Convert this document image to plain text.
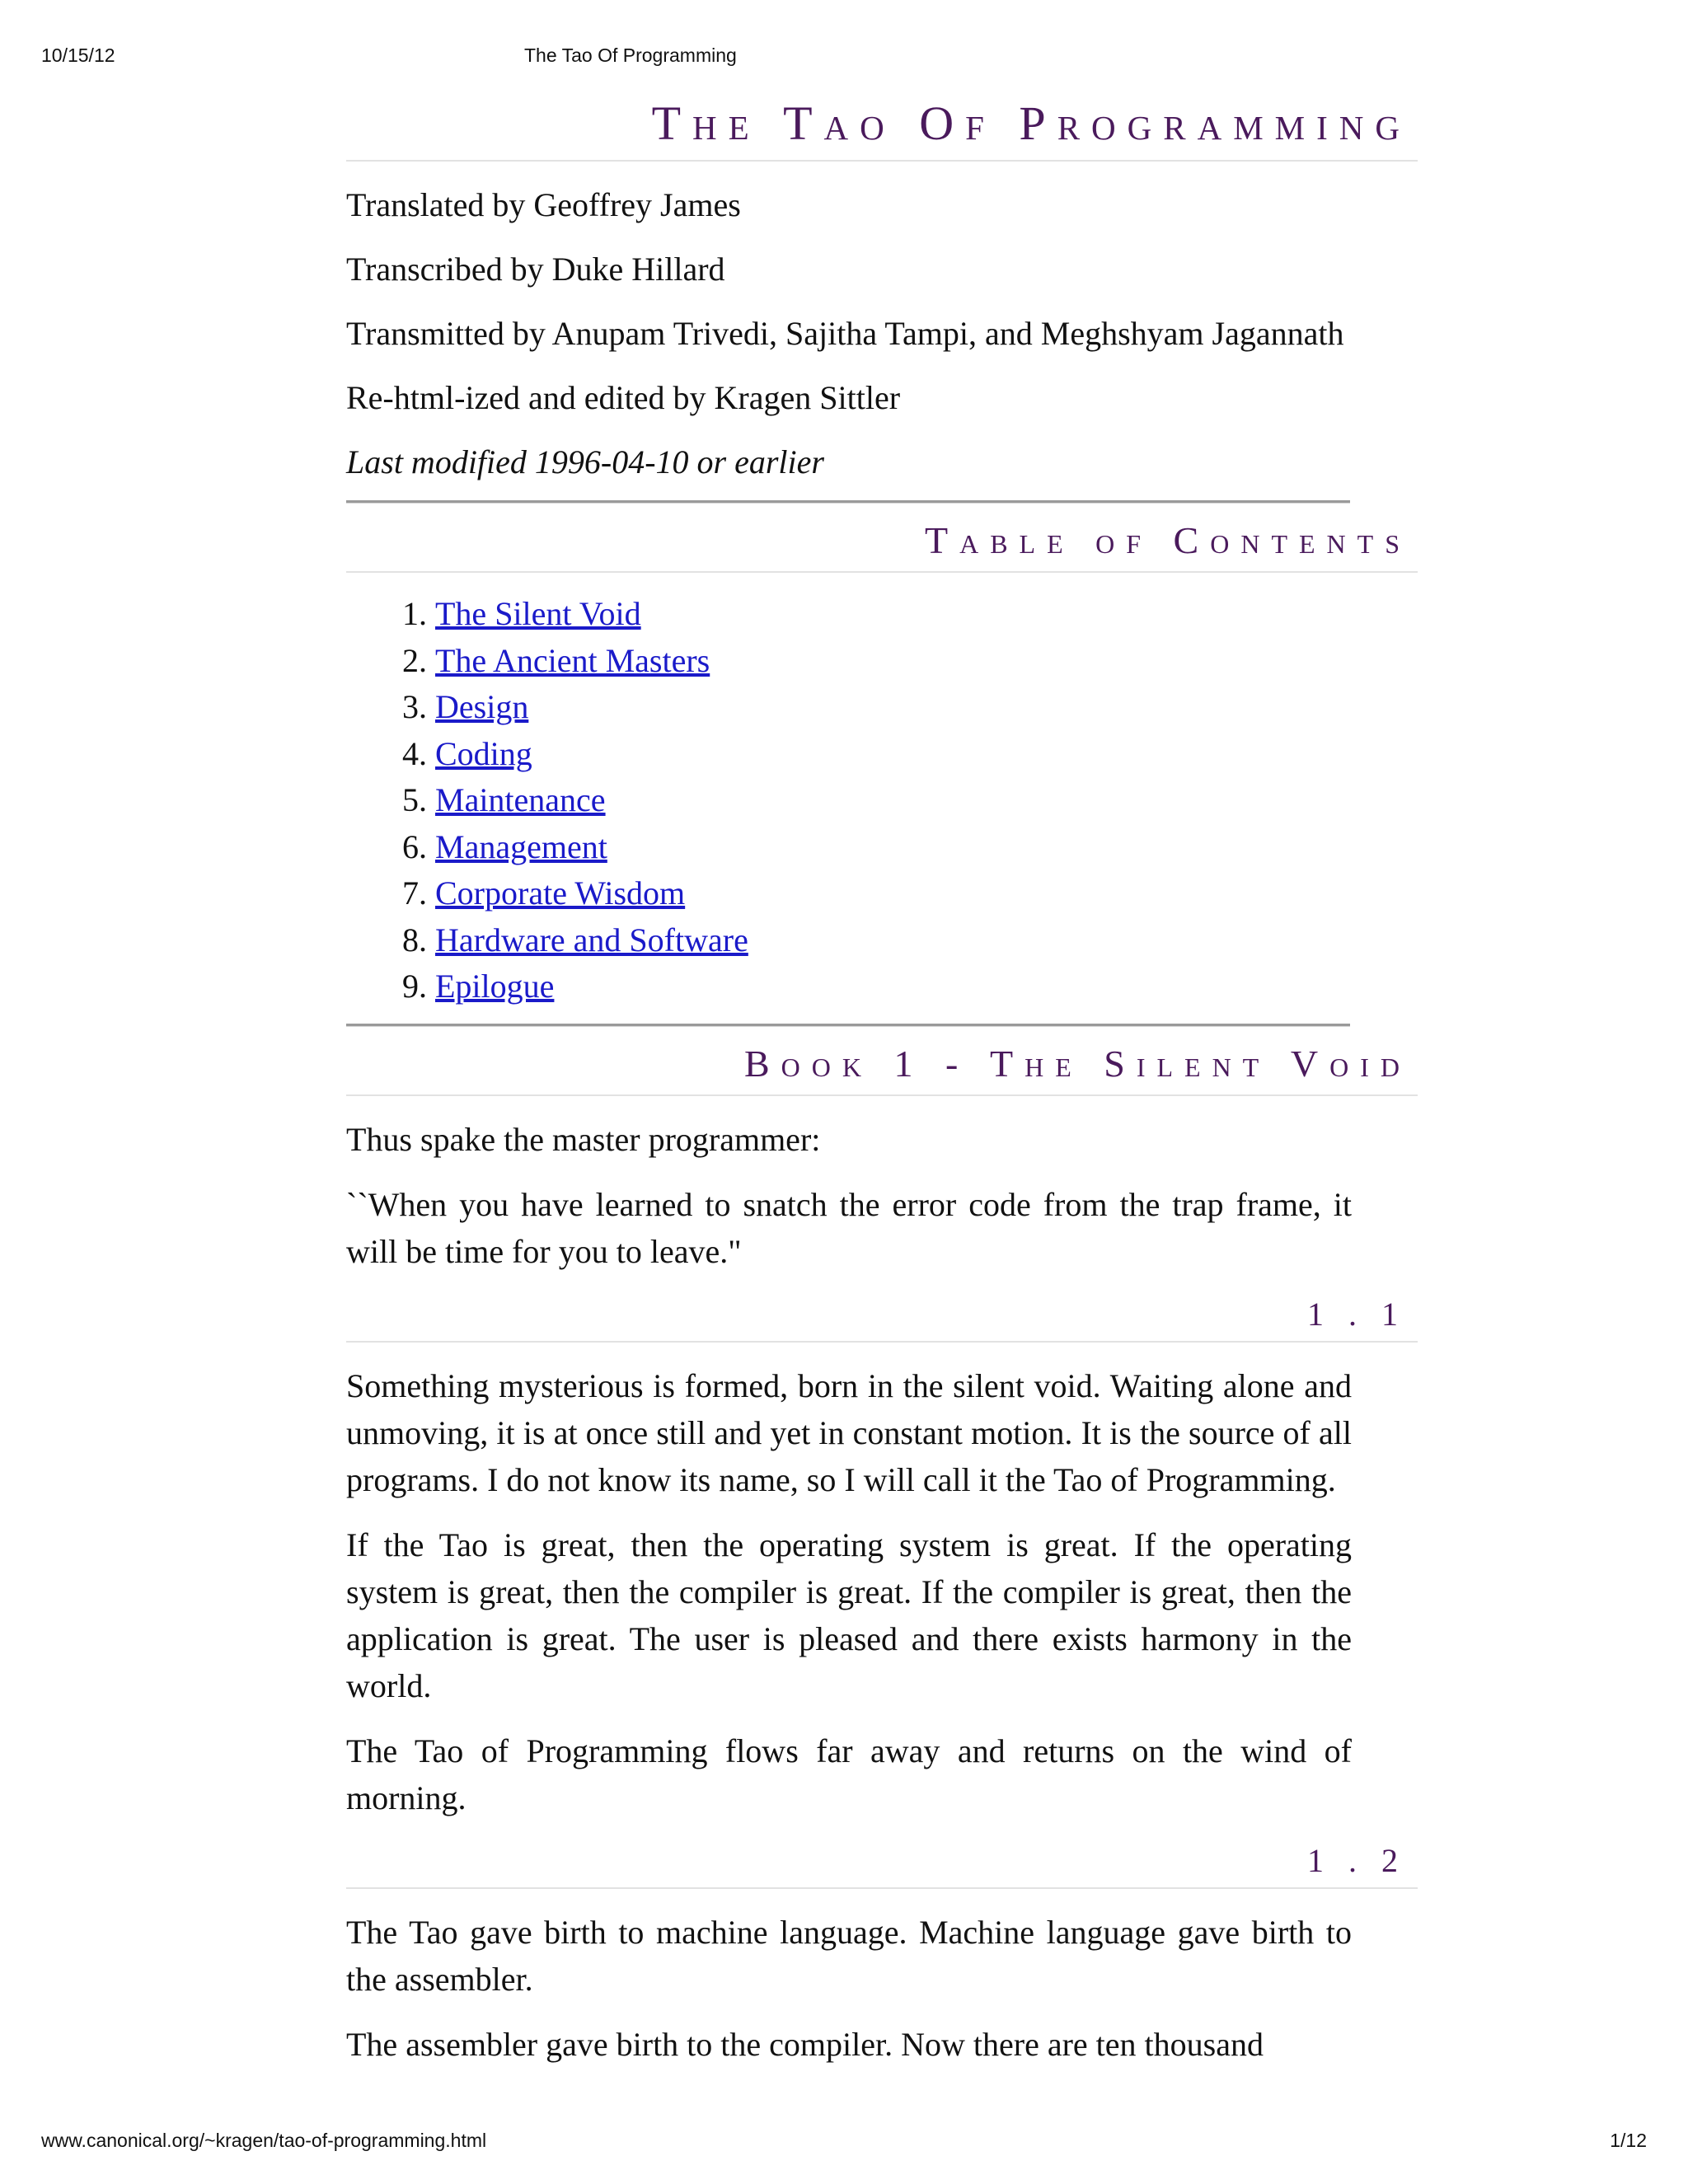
10/15/12	The Tao Of Programming
The Tao Of Programming

Translated by Geoffrey James

Transcribed by Duke Hillard

Transmitted by Anupam Trivedi, Sajitha Tampi, and Meghshyam Jagannath

Re-html-ized and edited by Kragen Sittler

Last modified 1996-04-10 or earlier

Table of Contents
1. The Silent Void
2. The Ancient Masters
3. Design
4. Coding
5. Maintenance
6. Management
7. Corporate Wisdom
8. Hardware and Software
9. Epilogue
Book 1 - The Silent Void

Thus spake the master programmer:

``When you have learned to snatch the error code from the trap frame, it will be time for you to leave."

1 . 1

Something mysterious is formed, born in the silent void. Waiting alone and unmoving, it is at once still and yet in constant motion. It is the source of all programs. I do not know its name, so I will call it the Tao of Programming.

If the Tao is great, then the operating system is great. If the operating system is great, then the compiler is great. If the compiler is great, then the application is great. The user is pleased and there exists harmony in the world.

The Tao of Programming flows far away and returns on the wind of morning.

1 . 2

The Tao gave birth to machine language. Machine language gave birth to the assembler.

The assembler gave birth to the compiler. Now there are ten thousand

www.canonical.org/~kragen/tao-of-programming.html	1/12
